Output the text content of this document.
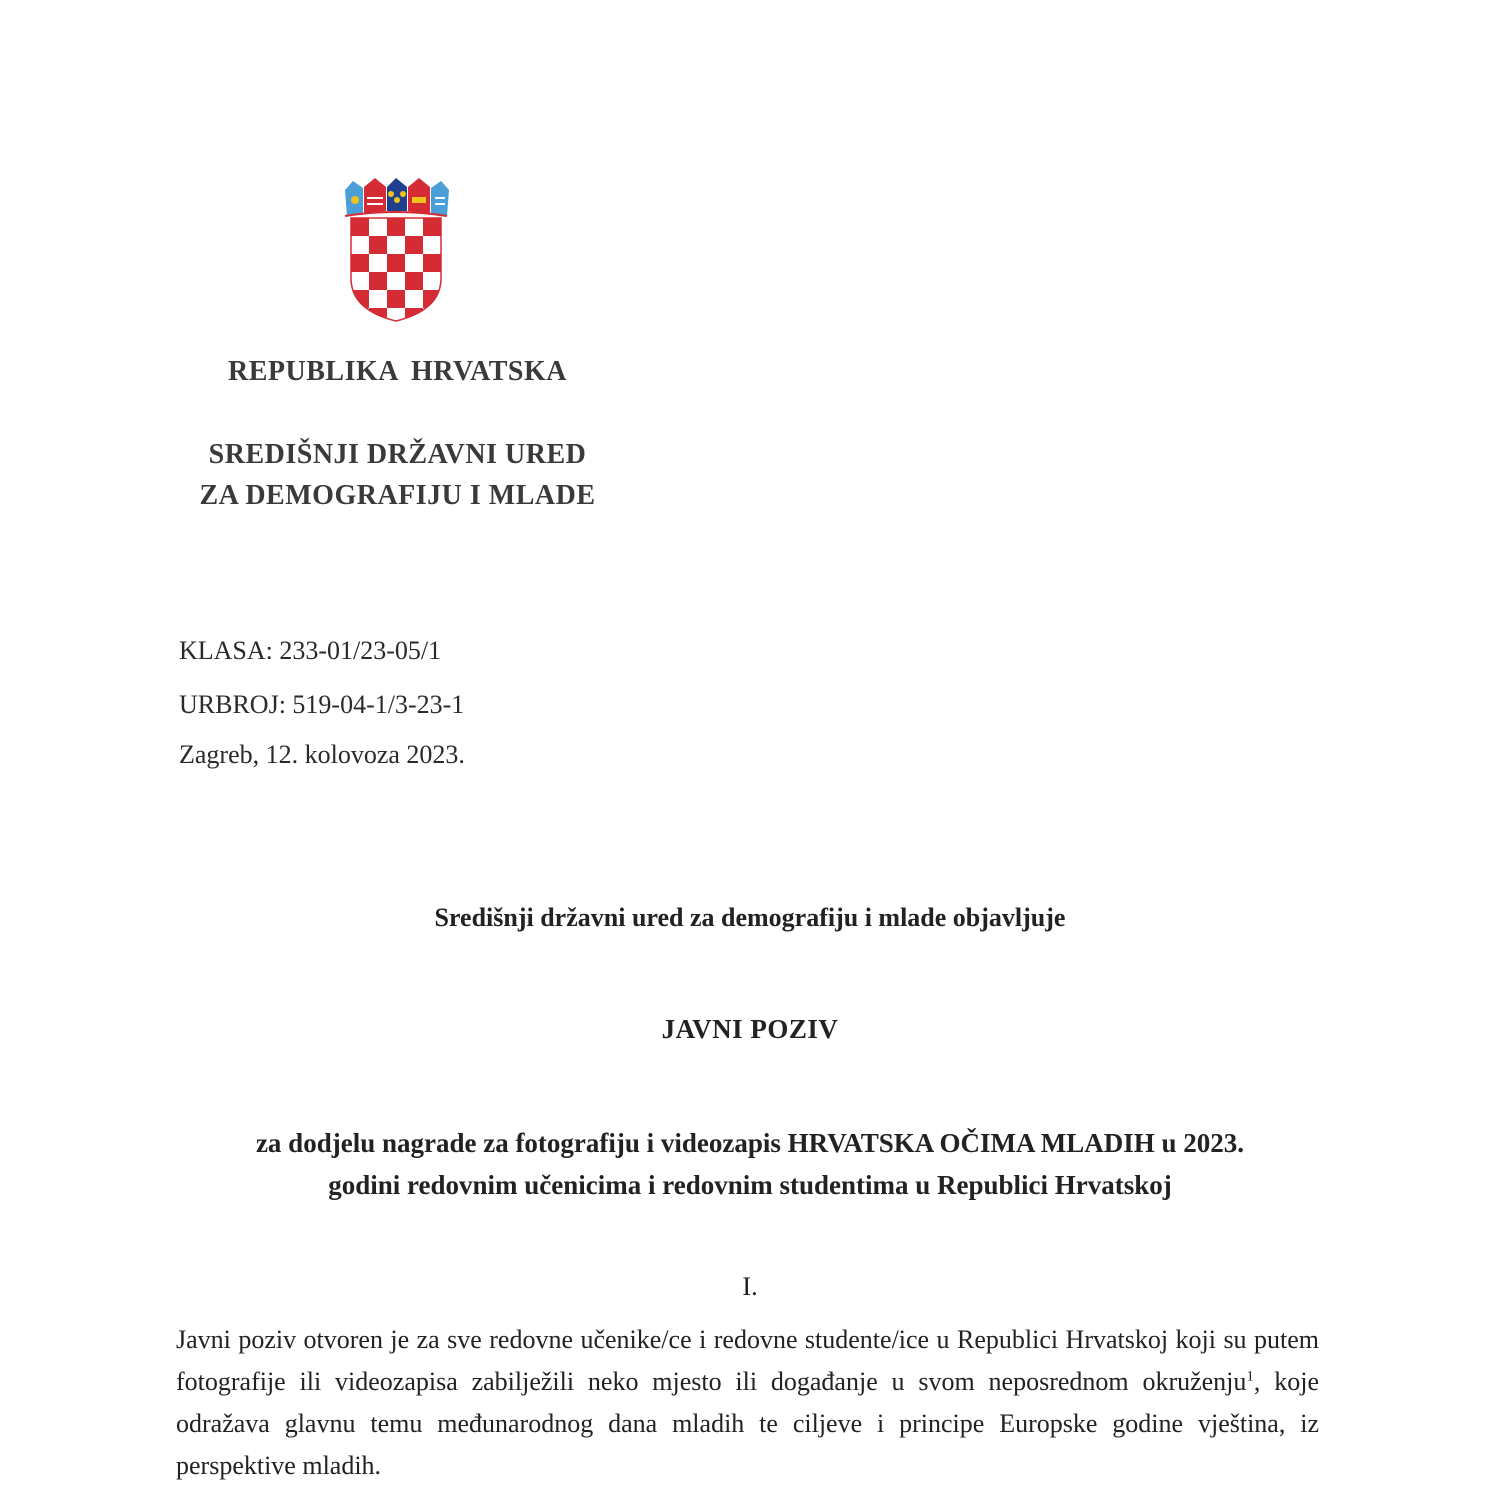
REPUBLIKA HRVATSKA
SREDIŠNJI DRŽAVNI URED
ZA DEMOGRAFIJU I MLADE
KLASA: 233-01/23-05/1
URBROJ: 519-04-1/3-23-1
Zagreb, 12. kolovoza 2023.
Središnji državni ured za demografiju i mlade objavljuje
JAVNI POZIV
za dodjelu nagrade za fotografiju i videozapis HRVATSKA OČIMA MLADIH u 2023.
godini redovnim učenicima i redovnim studentima u Republici Hrvatskoj
I.
Javni poziv otvoren je za sve redovne učenike/ce i redovne studente/ice u Republici Hrvatskoj koji su putem fotografije ili videozapisa zabilježili neko mjesto ili događanje u svom neposrednom okruženju$^1$, koje odražava glavnu temu međunarodnog dana mladih te ciljeve i principe Europske godine vještina, iz perspektive mladih.
